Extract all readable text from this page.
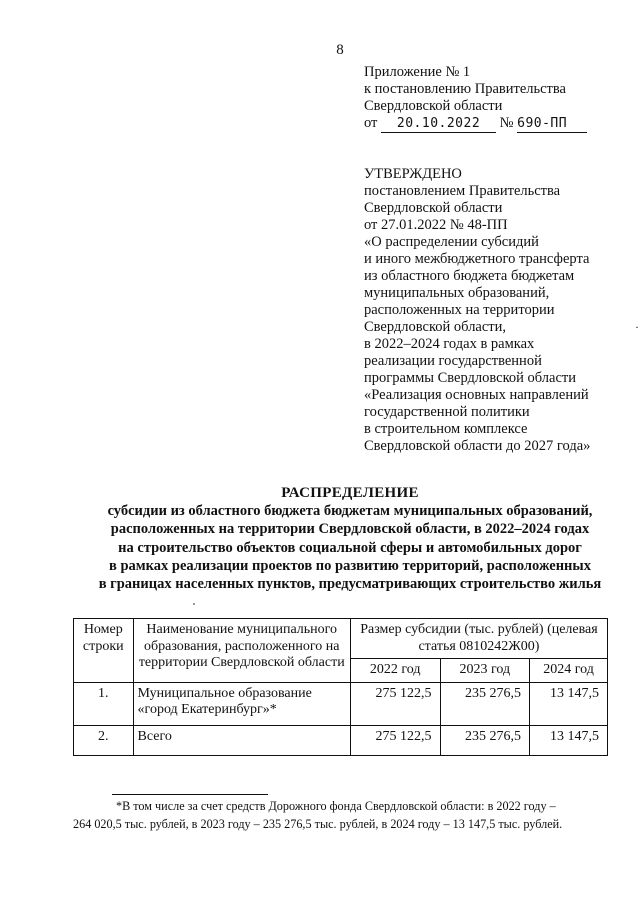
8
Приложение № 1
к постановлению Правительства
Свердловской области
от 20.10.2022 № 690-ПП
·
УТВЕРЖДЕНО
постановлением Правительства
Свердловской области
от 27.01.2022 № 48-ПП
«О распределении субсидий
и иного межбюджетного трансферта
из областного бюджета бюджетам
муниципальных образований,
расположенных на территории
Свердловской области,
в 2022–2024 годах в рамках
реализации государственной
программы Свердловской области
«Реализация основных направлений
государственной политики
в строительном комплексе
Свердловской области до 2027 года»
РАСПРЕДЕЛЕНИЕ
субсидии из областного бюджета бюджетам муниципальных образований,
расположенных на территории Свердловской области, в 2022–2024 годах
на строительство объектов социальной сферы и автомобильных дорог
в рамках реализации проектов по развитию территорий, расположенных
в границах населенных пунктов, предусматривающих строительство жилья
Номер строки	Наименование муниципального образования, расположенного на территории Свердловской области	Размер субсидии (тыс. рублей) (целевая статья 0810242Ж00)		
		2022 год	2023 год	2024 год
1.	Муниципальное образование «город Екатеринбург»*	275 122,5	235 276,5	13 147,5
2.	Всего	275 122,5	235 276,5	13 147,5
*В том числе за счет средств Дорожного фонда Свердловской области: в 2022 году –
264 020,5 тыс. рублей, в 2023 году – 235 276,5 тыс. рублей, в 2024 году – 13 147,5 тыс. рублей.
